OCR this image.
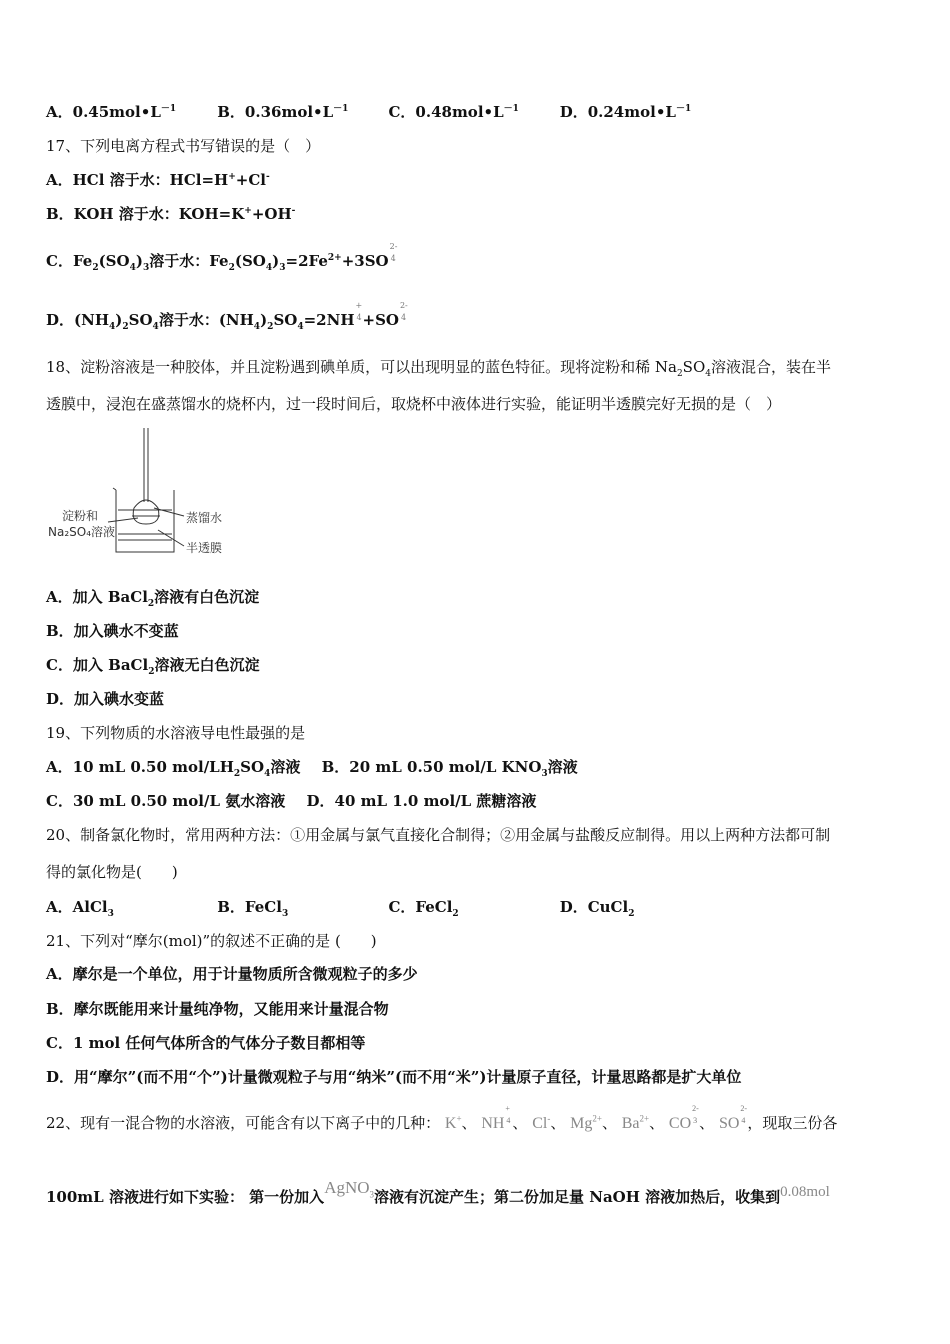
A．$0.45mol•L^{-1}$	B．$0.36mol•L^{-1}$	C．$0.48mol•L^{-1}$	D．$0.24mol•L^{-1}$
17、下列电离方程式书写错误的是（　）
A．HCl 溶于水：HCl=H++Cl-
B．KOH 溶于水：KOH=K++OH-
C．$Fe_2(SO_4)_3$溶于水：$Fe_2(SO_4)_3=2Fe^{2+}+3SO$
2-
4
D．$(NH_4)_2SO_4$溶于水：$(NH_4)_2SO_4=2NH$
+
4 +SO
2-
4
18、淀粉溶液是一种胶体，并且淀粉遇到碘单质，可以出现明显的蓝色特征。现将淀粉和稀 $Na_2SO_4$溶液混合，装在半
透膜中，浸泡在盛蒸馏水的烧杯内，过一段时间后，取烧杯中液体进行实验，能证明半透膜完好无损的是（　）
淀粉和
Na₂SO₄溶液
蒸馏水
半透膜
A．加入 BaCl$_2$溶液有白色沉淀
B．加入碘水不变蓝
C．加入 BaCl$_2$溶液无白色沉淀
D．加入碘水变蓝
19、下列物质的水溶液导电性最强的是
A．10 mL 0.50 mol/$LH_2SO_4$溶液 B．20 mL 0.50 mol/L $KNO_3$溶液
C．30 mL 0.50 mol/L 氨水溶液 D．40 mL 1.0 mol/L 蔗糖溶液
20、制备氯化物时，常用两种方法：①用金属与氯气直接化合制得；②用金属与盐酸反应制得。用以上两种方法都可制
得的氯化物是(　　)
A．AlCl$_3$	B．FeCl$_3$	C．FeCl$_2$	D．CuCl$_2$
21、下列对“摩尔(mol)”的叙述不正确的是 (　　)
A．摩尔是一个单位，用于计量物质所含微观粒子的多少
B．摩尔既能用来计量纯净物，又能用来计量混合物
C．1 mol 任何气体所含的气体分子数目都相等
D．用“摩尔”(而不用“个”)计量微观粒子与用“纳米”(而不用“米”)计量原子直径，计量思路都是扩大单位
22、现有一混合物的水溶液，可能含有以下离子中的几种： K+、 NH
+
4 、 Cl-、 $Mg^{2+}$、 $Ba^{2+}$、 CO
2-
3 、 SO
2-
4 ，现取三份各
100mL 溶液进行如下实验： 第一份加入AgNO$_3$溶液有沉淀产生；第二份加足量 NaOH 溶液加热后，收集到0.08mol
